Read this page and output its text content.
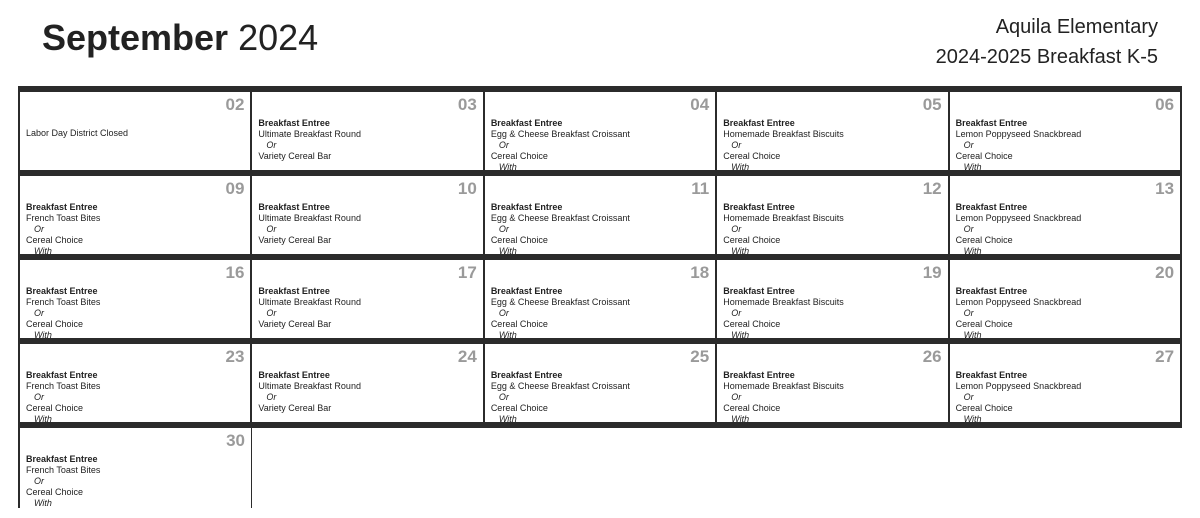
September 2024	Aquila Elementary
2024-2025 Breakfast K-5
02
Labor Day District Closed
03
Breakfast Entree
Ultimate Breakfast Round
Or
Variety Cereal Bar
04
Breakfast Entree
Egg & Cheese Breakfast Croissant
Or
Cereal Choice
With
05
Breakfast Entree
Homemade Breakfast Biscuits
Or
Cereal Choice
With
06
Breakfast Entree
Lemon Poppyseed Snackbread
Or
Cereal Choice
With
09
Breakfast Entree
French Toast Bites
Or
Cereal Choice
With
10
Breakfast Entree
Ultimate Breakfast Round
Or
Variety Cereal Bar
11
Breakfast Entree
Egg & Cheese Breakfast Croissant
Or
Cereal Choice
With
12
Breakfast Entree
Homemade Breakfast Biscuits
Or
Cereal Choice
With
13
Breakfast Entree
Lemon Poppyseed Snackbread
Or
Cereal Choice
With
16
Breakfast Entree
French Toast Bites
Or
Cereal Choice
With
17
Breakfast Entree
Ultimate Breakfast Round
Or
Variety Cereal Bar
18
Breakfast Entree
Egg & Cheese Breakfast Croissant
Or
Cereal Choice
With
19
Breakfast Entree
Homemade Breakfast Biscuits
Or
Cereal Choice
With
20
Breakfast Entree
Lemon Poppyseed Snackbread
Or
Cereal Choice
With
23
Breakfast Entree
French Toast Bites
Or
Cereal Choice
With
24
Breakfast Entree
Ultimate Breakfast Round
Or
Variety Cereal Bar
25
Breakfast Entree
Egg & Cheese Breakfast Croissant
Or
Cereal Choice
With
26
Breakfast Entree
Homemade Breakfast Biscuits
Or
Cereal Choice
With
27
Breakfast Entree
Lemon Poppyseed Snackbread
Or
Cereal Choice
With
30
Breakfast Entree
French Toast Bites
Or
Cereal Choice
With
